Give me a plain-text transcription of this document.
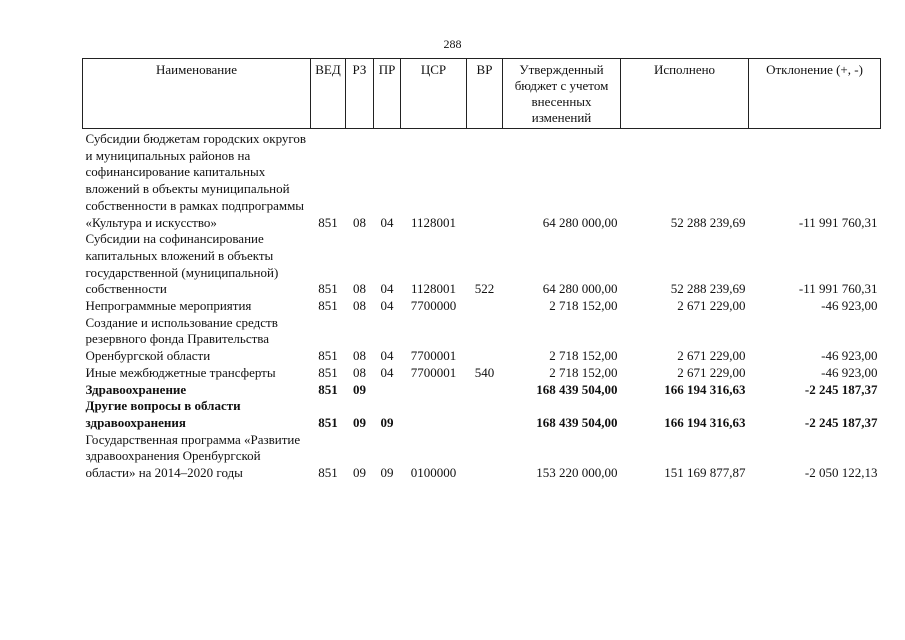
288
Наименование	ВЕД	РЗ	ПР	ЦСР	ВР	Утвержденный бюджет с учетом внесенных изменений	Исполнено	Отклонение (+, -)
Субсидии бюджетам городских округов и муниципальных районов на софинансирование капитальных вложений в объекты муниципальной собственности в рамках подпрограммы «Культура и искусство»	851	08	04	1128001		64 280 000,00	52 288 239,69	-11 991 760,31
Субсидии на софинансирование капитальных вложений в объекты государственной (муниципальной) собственности	851	08	04	1128001	522	64 280 000,00	52 288 239,69	-11 991 760,31
Непрограммные мероприятия	851	08	04	7700000		2 718 152,00	2 671 229,00	-46 923,00
Создание и использование средств резервного фонда Правительства Оренбургской области	851	08	04	7700001		2 718 152,00	2 671 229,00	-46 923,00
Иные межбюджетные трансферты	851	08	04	7700001	540	2 718 152,00	2 671 229,00	-46 923,00
Здравоохранение	851	09				168 439 504,00	166 194 316,63	-2 245 187,37
Другие вопросы в области здравоохранения	851	09	09			168 439 504,00	166 194 316,63	-2 245 187,37
Государственная программа «Развитие здравоохранения Оренбургской области» на 2014–2020 годы	851	09	09	0100000		153 220 000,00	151 169 877,87	-2 050 122,13
